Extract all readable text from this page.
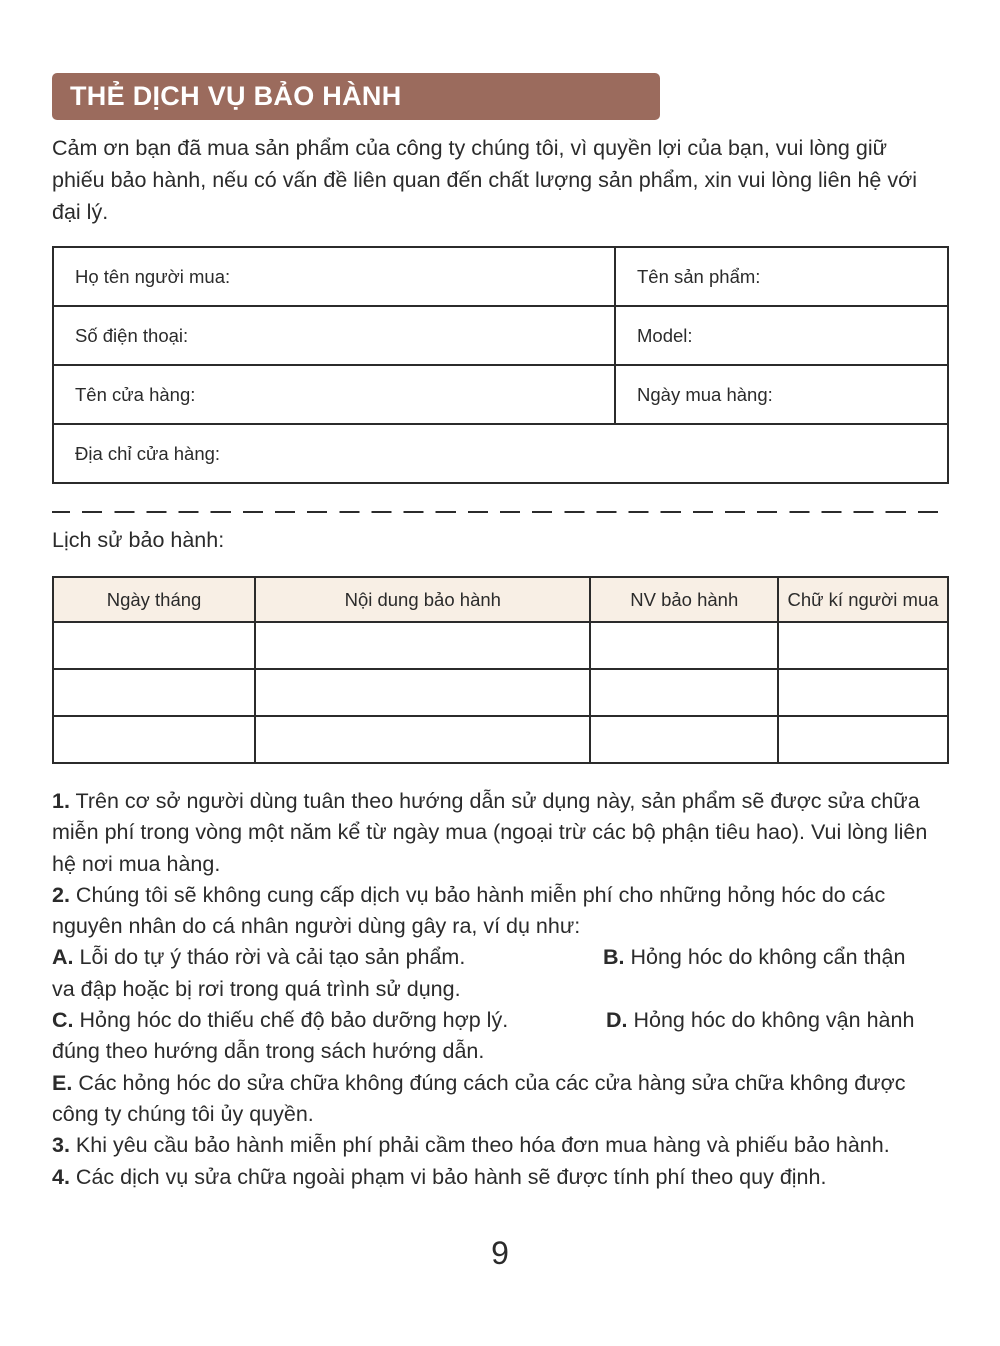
THẺ DỊCH VỤ BẢO HÀNH

Cảm ơn bạn đã mua sản phẩm của công ty chúng tôi, vì quyền lợi của bạn, vui lòng giữ phiếu bảo hành, nếu có vấn đề liên quan đến chất lượng sản phẩm, xin vui lòng liên hệ với đại lý.

Họ tên người mua:	Tên sản phẩm:
Số điện thoại:	Model:
Tên cửa hàng:	Ngày mua hàng:
Địa chỉ cửa hàng:	

Lịch sử bảo hành:

Ngày tháng	Nội dung bảo hành	NV bảo hành	Chữ kí người mua

1. Trên cơ sở người dùng tuân theo hướng dẫn sử dụng này, sản phẩm sẽ được sửa chữa miễn phí trong vòng một năm kể từ ngày mua (ngoại trừ các bộ phận tiêu hao). Vui lòng liên hệ nơi mua hàng.

2. Chúng tôi sẽ không cung cấp dịch vụ bảo hành miễn phí cho những hỏng hóc do các nguyên nhân do cá nhân người dùng gây ra, ví dụ như:

A. Lỗi do tự ý tháo rời và cải tạo sản phẩm.	B. Hỏng hóc do không cẩn thận

va đập hoặc bị rơi trong quá trình sử dụng.

C. Hỏng hóc do thiếu chế độ bảo dưỡng hợp lý.	D. Hỏng hóc do không vận hành

đúng theo hướng dẫn trong sách hướng dẫn.

E. Các hỏng hóc do sửa chữa không đúng cách của các cửa hàng sửa chữa không được công ty chúng tôi ủy quyền.

3. Khi yêu cầu bảo hành miễn phí phải cầm theo hóa đơn mua hàng và phiếu bảo hành.

4. Các dịch vụ sửa chữa ngoài phạm vi bảo hành sẽ được tính phí theo quy định.

9
